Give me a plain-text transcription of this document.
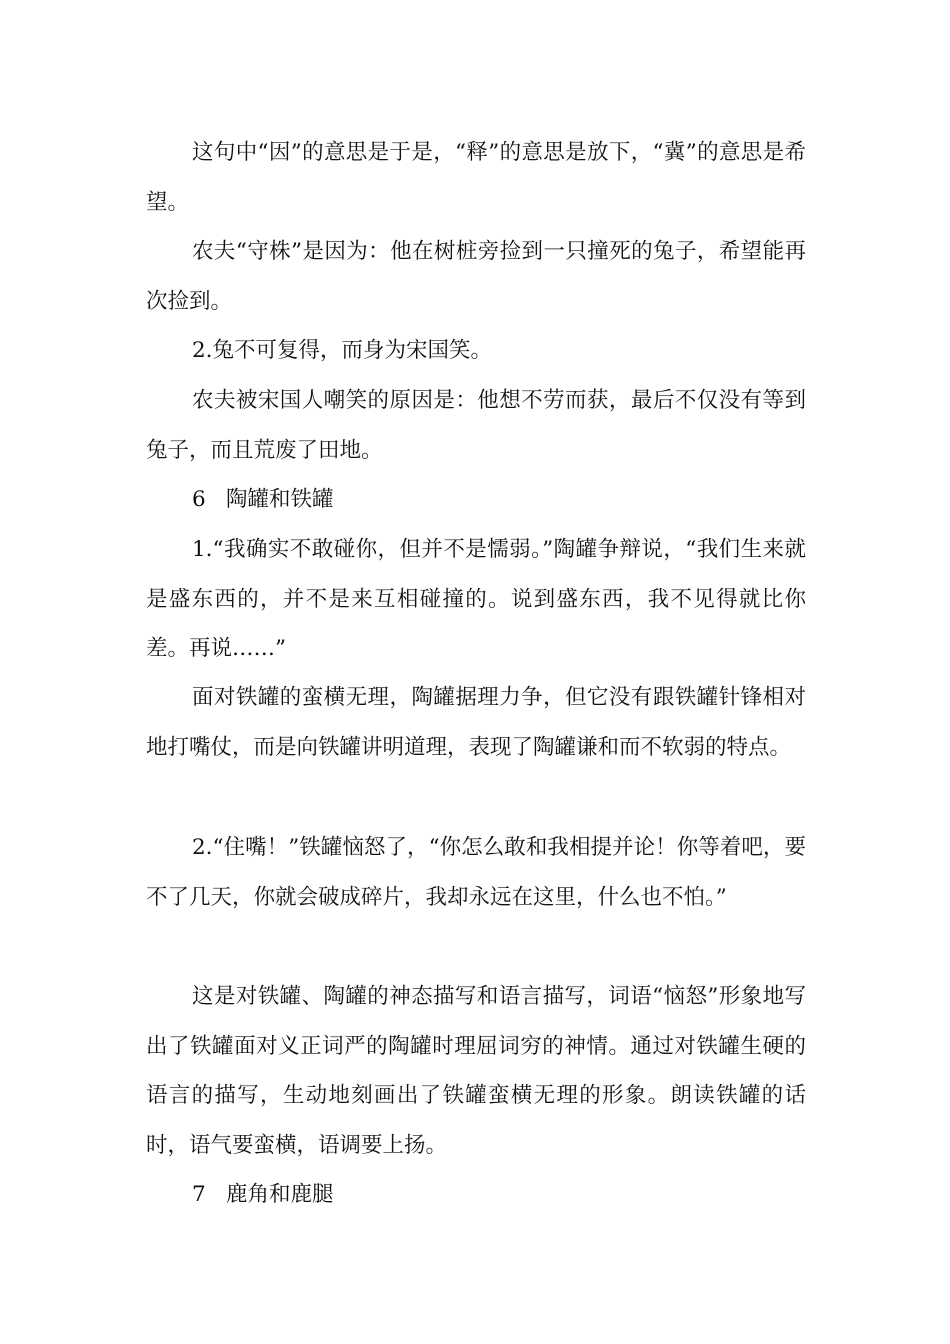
这句中“因”的意思是于是，“释”的意思是放下，“冀”的意思是希望。

农夫“守株”是因为：他在树桩旁捡到一只撞死的兔子，希望能再次捡到。

2.兔不可复得，而身为宋国笑。

农夫被宋国人嘲笑的原因是：他想不劳而获，最后不仅没有等到兔子，而且荒废了田地。

6 陶罐和铁罐

1.“我确实不敢碰你，但并不是懦弱。”陶罐争辩说，“我们生来就是盛东西的，并不是来互相碰撞的。说到盛东西，我不见得就比你差。再说……”

面对铁罐的蛮横无理，陶罐据理力争，但它没有跟铁罐针锋相对地打嘴仗，而是向铁罐讲明道理，表现了陶罐谦和而不软弱的特点。

2.“住嘴！”铁罐恼怒了，“你怎么敢和我相提并论！你等着吧，要不了几天，你就会破成碎片，我却永远在这里，什么也不怕。”

这是对铁罐、陶罐的神态描写和语言描写，词语“恼怒”形象地写出了铁罐面对义正词严的陶罐时理屈词穷的神情。通过对铁罐生硬的语言的描写，生动地刻画出了铁罐蛮横无理的形象。朗读铁罐的话时，语气要蛮横，语调要上扬。

7 鹿角和鹿腿
